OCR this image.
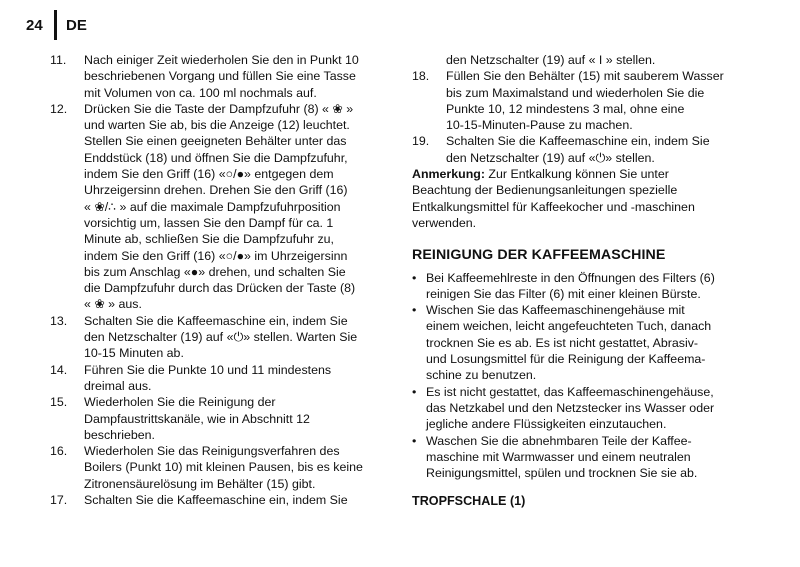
24	DE
11.	Nach einiger Zeit wiederholen Sie den in Punkt 10
beschriebenen Vorgang und füllen Sie eine Tasse
mit Volumen von ca. 100 ml nochmals auf.
12.	Drücken Sie die Taste der Dampfzufuhr (8) « ❀ »
und warten Sie ab, bis die Anzeige (12) leuchtet.
Stellen Sie einen geeigneten Behälter unter das
Enddstück (18) und öffnen Sie die Dampfzufuhr,
indem Sie den Griff (16) «○/●» entgegen dem
Uhrzeigersinn drehen. Drehen Sie den Griff (16)
« ❀/∴ » auf die maximale Dampfzufuhrposition
vorsichtig um, lassen Sie den Dampf für ca. 1
Minute ab, schließen Sie die Dampfzufuhr zu,
indem Sie den Griff (16) «○/●» im Uhrzeigersinn
bis zum Anschlag «●» drehen, und schalten Sie
die Dampfzufuhr durch das Drücken der Taste (8)
« ❀ » aus.
13.	Schalten Sie die Kaffeemaschine ein, indem Sie
den Netzschalter (19) auf «⏻» stellen. Warten Sie
10-15 Minuten ab.
14.	Führen Sie die Punkte 10 und 11 mindestens
dreimal aus.
15.	Wiederholen Sie die Reinigung der
Dampfaustrittskanäle, wie in Abschnitt 12
beschrieben.
16.	Wiederholen Sie das Reinigungsverfahren des
Boilers (Punkt 10) mit kleinen Pausen, bis es keine
Zitronensäurelösung im Behälter (15) gibt.
17.	Schalten Sie die Kaffeemaschine ein, indem Sie
den Netzschalter (19) auf « I » stellen.
18.	Füllen Sie den Behälter (15) mit sauberem Wasser
bis zum Maximalstand und wiederholen Sie die
Punkte 10, 12 mindestens 3 mal, ohne eine
10-15-Minuten-Pause zu machen.
19.	Schalten Sie die Kaffeemaschine ein, indem Sie
den Netzschalter (19) auf «⏻» stellen.
Anmerkung: Zur Entkalkung können Sie unter
Beachtung der Bedienungsanleitungen spezielle
Entkalkungsmittel für Kaffeekocher und -maschinen
verwenden.
REINIGUNG DER KAFFEEMASCHINE
• Bei Kaffeemehlreste in den Öffnungen des Filters (6)
reinigen Sie das Filter (6) mit einer kleinen Bürste.
• Wischen Sie das Kaffeemaschinengehäuse mit
einem weichen, leicht angefeuchteten Tuch, danach
trocknen Sie es ab. Es ist nicht gestattet, Abrasiv-
und Losungsmittel für die Reinigung der Kaffeema-
schine zu benutzen.
• Es ist nicht gestattet, das Kaffeemaschinengehäuse,
das Netzkabel und den Netzstecker ins Wasser oder
jegliche andere Flüssigkeiten einzutauchen.
• Waschen Sie die abnehmbaren Teile der Kaffee-
maschine mit Warmwasser und einem neutralen
Reinigungsmittel, spülen und trocknen Sie sie ab.
TROPFSCHALE (1)
